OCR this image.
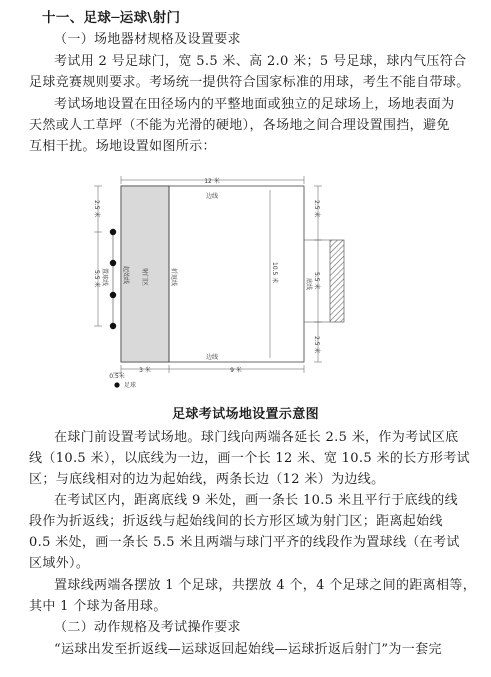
十一、足球─运球\射门
（一）场地器材规格及设置要求
考试用 2 号足球门，宽 5.5 米、高 2.0 米；5 号足球，球内气压符合
足球竞赛规则要求。考场统一提供符合国家标准的用球，考生不能自带球。
考试场地设置在田径场内的平整地面或独立的足球场上，场地表面为
天然或人工草坪（不能为光滑的硬地），各场地之间合理设置围挡，避免
互相干扰。场地设置如图所示：
12 米
边线
边线
3 米	9 米
0.5米
足球
2.5 米
5.5 米 置球线 起始线 射门区	折返线	10.5 米
底线
2.5 米
5.5 米
2.5 米
足球考试场地设置示意图
在球门前设置考试场地。球门线向两端各延长 2.5 米，作为考试区底
线（10.5 米），以底线为一边，画一个长 12 米、宽 10.5 米的长方形考试
区；与底线相对的边为起始线，两条长边（12 米）为边线。
在考试区内，距离底线 9 米处，画一条长 10.5 米且平行于底线的线
段作为折返线；折返线与起始线间的长方形区域为射门区；距离起始线
0.5 米处，画一条长 5.5 米且两端与球门平齐的线段作为置球线（在考试
区域外）。
置球线两端各摆放 1 个足球，共摆放 4 个，4 个足球之间的距离相等，
其中 1 个球为备用球。
（二）动作规格及考试操作要求
“运球出发至折返线—运球返回起始线—运球折返后射门”为一套完
